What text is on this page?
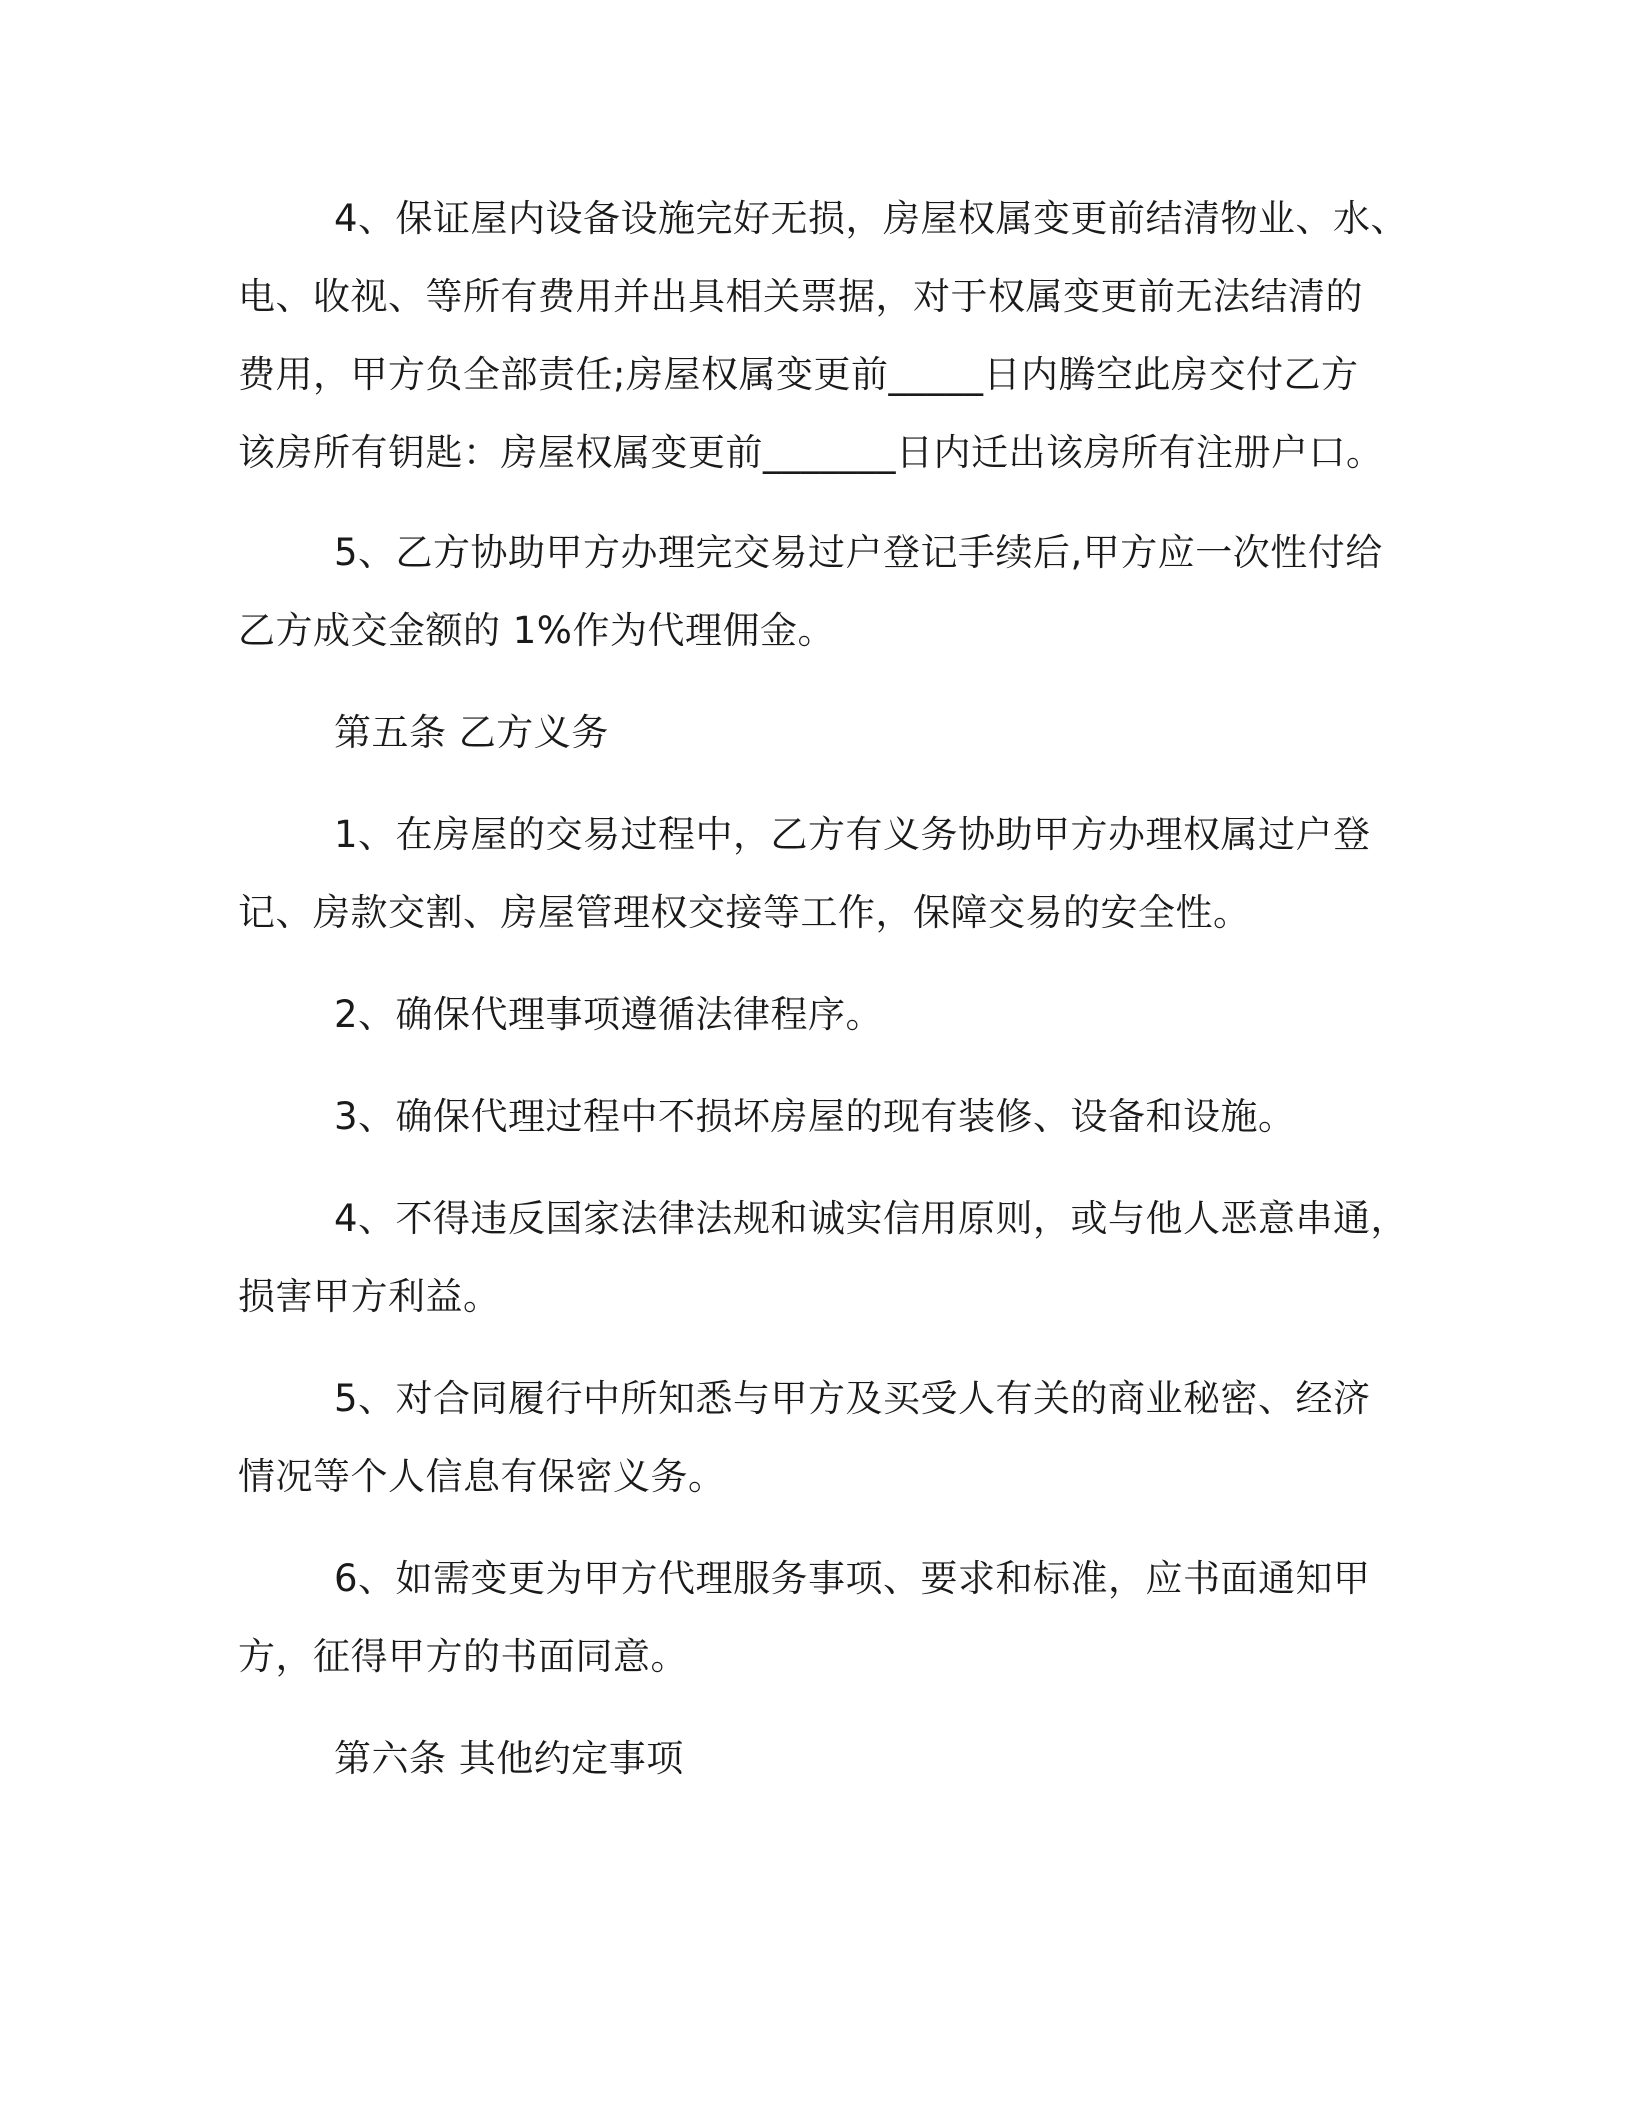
4、保证屋内设备设施完好无损，房屋权属变更前结清物业、水、
电、收视、等所有费用并出具相关票据，对于权属变更前无法结清的
费用，甲方负全部责任;房屋权属变更前_____日内腾空此房交付乙方
该房所有钥匙：房屋权属变更前_______日内迁出该房所有注册户口。

5、乙方协助甲方办理完交易过户登记手续后,甲方应一次性付给
乙方成交金额的 1%作为代理佣金。

第五条 乙方义务

1、在房屋的交易过程中，乙方有义务协助甲方办理权属过户登
记、房款交割、房屋管理权交接等工作，保障交易的安全性。

2、确保代理事项遵循法律程序。

3、确保代理过程中不损坏房屋的现有装修、设备和设施。

4、不得违反国家法律法规和诚实信用原则，或与他人恶意串通，
损害甲方利益。

5、对合同履行中所知悉与甲方及买受人有关的商业秘密、经济
情况等个人信息有保密义务。

6、如需变更为甲方代理服务事项、要求和标准，应书面通知甲
方，征得甲方的书面同意。

第六条 其他约定事项
